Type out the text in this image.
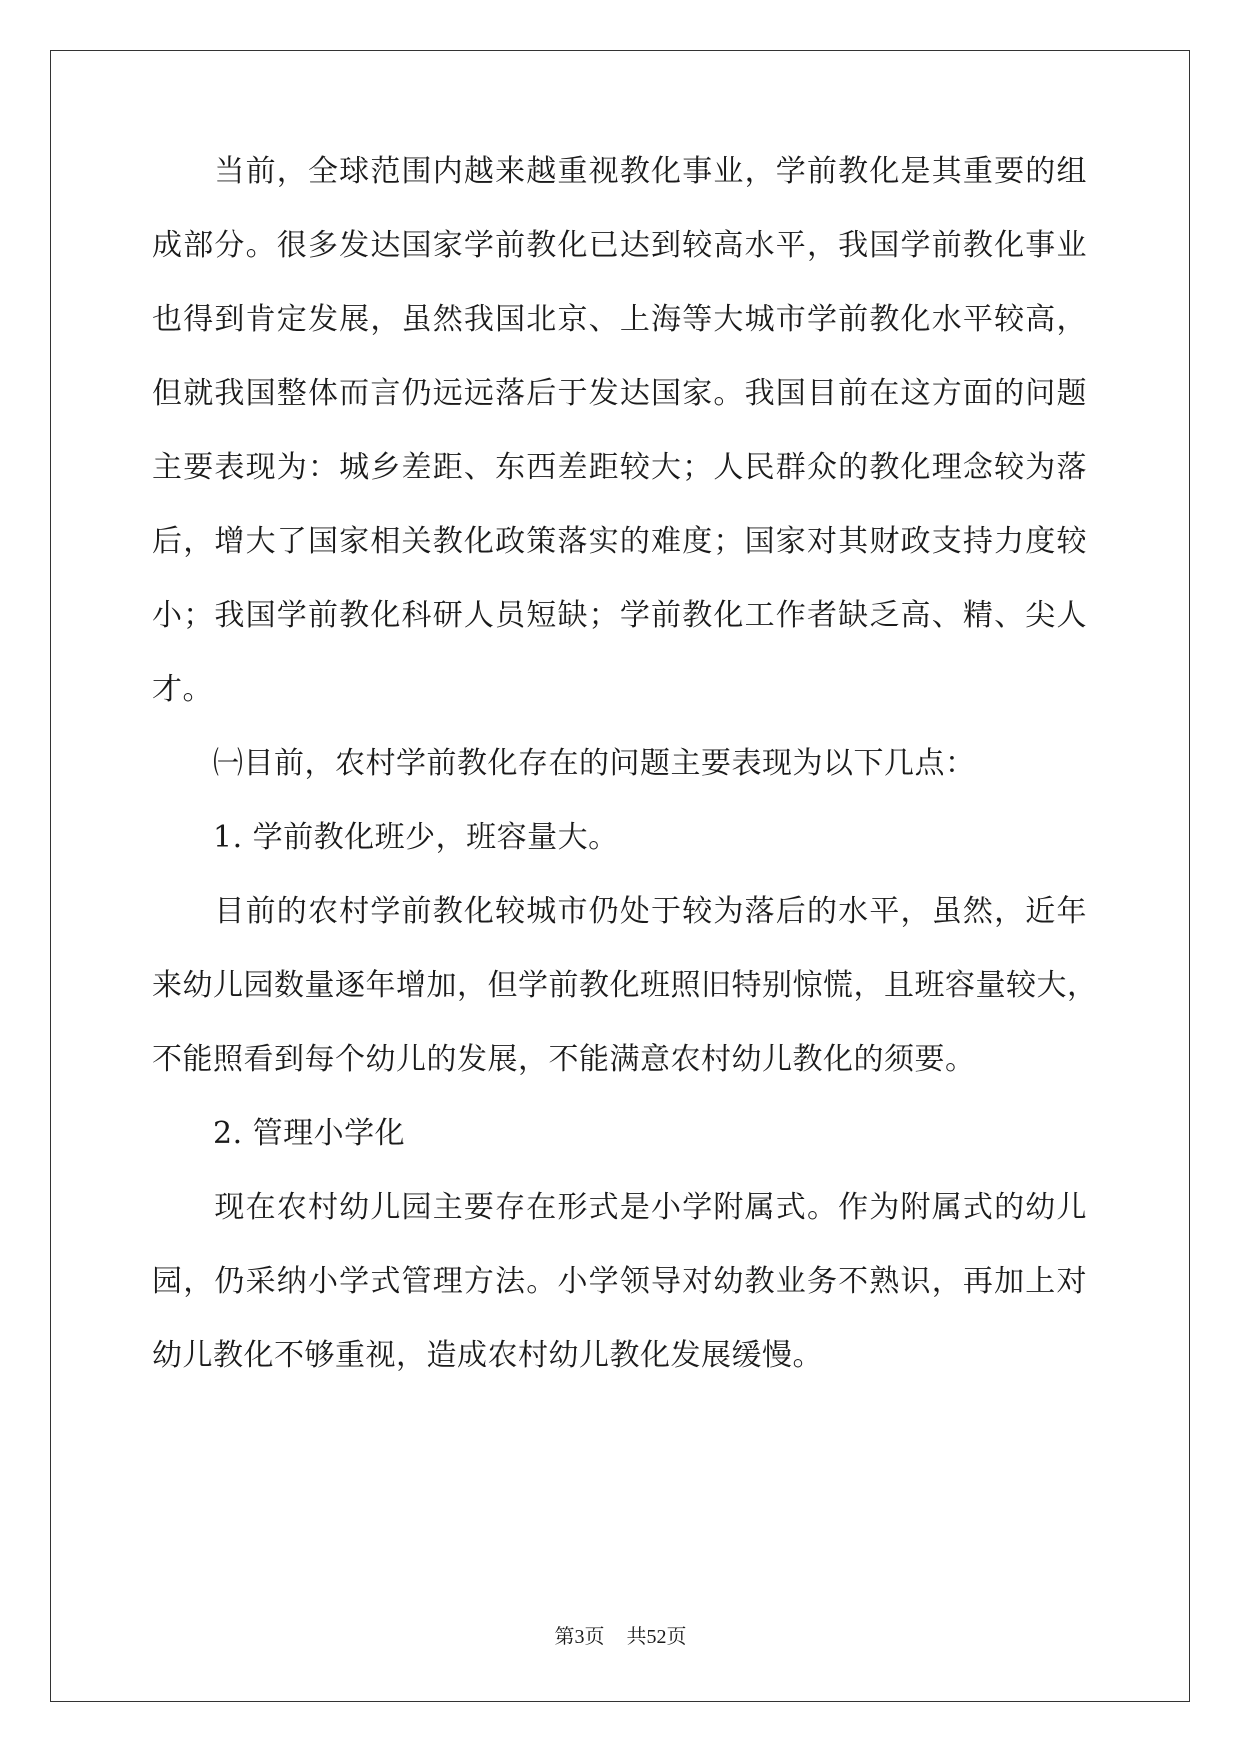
　　当前，全球范围内越来越重视教化事业，学前教化是其重要的组
成部分。很多发达国家学前教化已达到较高水平，我国学前教化事业
也得到肯定发展，虽然我国北京、上海等大城市学前教化水平较高，
但就我国整体而言仍远远落后于发达国家。我国目前在这方面的问题
主要表现为：城乡差距、东西差距较大；人民群众的教化理念较为落
后，增大了国家相关教化政策落实的难度；国家对其财政支持力度较
小；我国学前教化科研人员短缺；学前教化工作者缺乏高、精、尖人
才。
　　㈠目前，农村学前教化存在的问题主要表现为以下几点：
　　1. 学前教化班少，班容量大。
　　目前的农村学前教化较城市仍处于较为落后的水平，虽然，近年
来幼儿园数量逐年增加，但学前教化班照旧特别惊慌，且班容量较大，
不能照看到每个幼儿的发展，不能满意农村幼儿教化的须要。
　　2. 管理小学化
　　现在农村幼儿园主要存在形式是小学附属式。作为附属式的幼儿
园，仍采纳小学式管理方法。小学领导对幼教业务不熟识，再加上对
幼儿教化不够重视，造成农村幼儿教化发展缓慢。
第3页 共52页
